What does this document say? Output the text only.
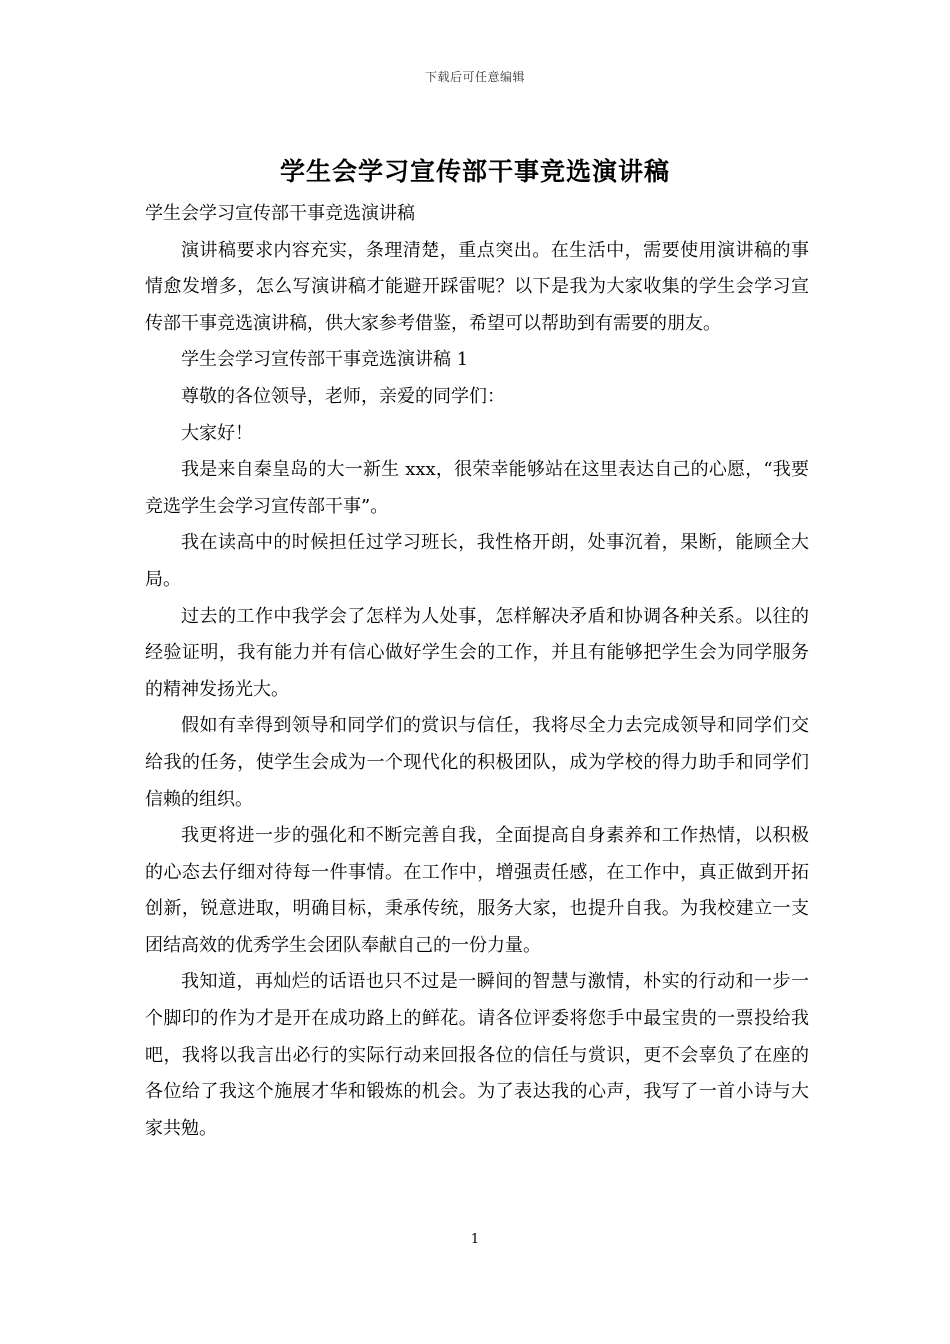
下载后可任意编辑
学生会学习宣传部干事竞选演讲稿

学生会学习宣传部干事竞选演讲稿

演讲稿要求内容充实，条理清楚，重点突出。在生活中，需要使用演讲稿的事情愈发增多，怎么写演讲稿才能避开踩雷呢？以下是我为大家收集的学生会学习宣传部干事竞选演讲稿，供大家参考借鉴，希望可以帮助到有需要的朋友。

学生会学习宣传部干事竞选演讲稿 1

尊敬的各位领导，老师，亲爱的同学们：

大家好！

我是来自秦皇岛的大一新生 xxx，很荣幸能够站在这里表达自己的心愿，“我要竞选学生会学习宣传部干事”。

我在读高中的时候担任过学习班长，我性格开朗，处事沉着，果断，能顾全大局。

过去的工作中我学会了怎样为人处事，怎样解决矛盾和协调各种关系。以往的经验证明，我有能力并有信心做好学生会的工作，并且有能够把学生会为同学服务的精神发扬光大。

假如有幸得到领导和同学们的赏识与信任，我将尽全力去完成领导和同学们交给我的任务，使学生会成为一个现代化的积极团队，成为学校的得力助手和同学们信赖的组织。

我更将进一步的强化和不断完善自我，全面提高自身素养和工作热情，以积极的心态去仔细对待每一件事情。在工作中，增强责任感，在工作中，真正做到开拓创新，锐意进取，明确目标，秉承传统，服务大家，也提升自我。为我校建立一支团结高效的优秀学生会团队奉献自己的一份力量。

我知道，再灿烂的话语也只不过是一瞬间的智慧与激情，朴实的行动和一步一个脚印的作为才是开在成功路上的鲜花。请各位评委将您手中最宝贵的一票投给我吧，我将以我言出必行的实际行动来回报各位的信任与赏识，更不会辜负了在座的各位给了我这个施展才华和锻炼的机会。为了表达我的心声，我写了一首小诗与大家共勉。

1
